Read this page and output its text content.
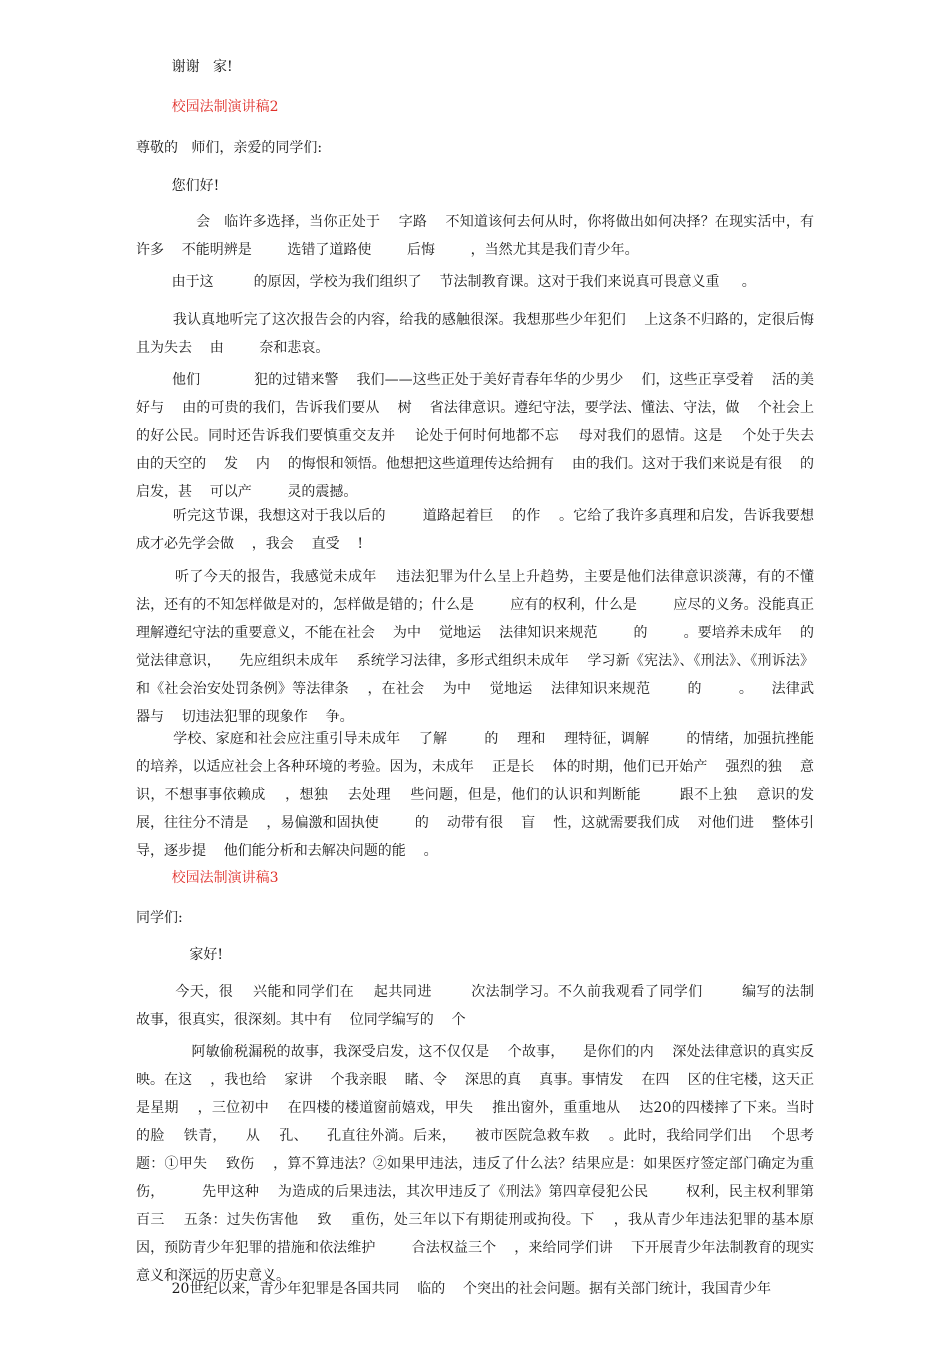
谢谢   家!

校园法制演讲稿2

尊敬的   师们，亲爱的同学们:

您们好!

会   临许多选择，当你正处于    字路    不知道该何去何从时，你将做出如何决择？在现实活中，有许多    不能明辨是        选错了道路使        后悔        ，当然尤其是我们青少年。

由于这         的原因，学校为我们组织了    节法制教育课。这对于我们来说真可畏意义重     。

我认真地听完了这次报告会的内容，给我的感触很深。我想那些少年犯们    上这条不归路的，定很后悔    且为失去    由        奈和悲哀。

他们            犯的过错来警    我们——这些正处于美好青春年华的少男少    们，这些正享受着    活的美好与    由的可贵的我们，告诉我们要从    树    省法律意识。遵纪守法，要学法、懂法、守法，做    个社会上的好公民。同时还告诉我们要慎重交友并    论处于何时何地都不忘    母对我们的恩情。这是    个处于失去    由的天空的    发    内    的悔恨和领悟。他想把这些道理传达给拥有    由的我们。这对于我们来说是有很    的启发，甚    可以产        灵的震撼。

听完这节课，我想这对于我以后的        道路起着巨    的作    。它给了我许多真理和启发，告诉我要想成才必先学会做    ，我会    直受    !

听了今天的报告，我感觉未成年    违法犯罪为什么呈上升趋势，主要是他们法律意识淡薄，有的不懂法，还有的不知怎样做是对的，怎样做是错的；什么是        应有的权利，什么是        应尽的义务。没能真正理解遵纪守法的重要意义，不能在社会    为中    觉地运    法律知识来规范        的        。要培养未成年    的    觉法律意识，    先应组织未成年    系统学习法律，多形式组织未成年    学习新《宪法》、《刑法》、《刑诉法》和《社会治安处罚条例》等法律条    ，在社会    为中    觉地运    法律知识来规范        的        。    法律武器与    切违法犯罪的现象作    争。

学校、家庭和社会应注重引导未成年    了解        的    理和    理特征，调解        的情绪，加强抗挫能    的培养，以适应社会上各种环境的考验。因为，未成年    正是长    体的时期，他们已开始产    强烈的独    意识，不想事事依赖成    ，想独    去处理    些问题，但是，他们的认识和判断能        跟不上独    意识的发展，往往分不清是    ，易偏激和固执使        的    动带有很    盲    性，这就需要我们成    对他们进    整体引导，逐步提    他们能分析和去解决问题的能    。

校园法制演讲稿3

同学们:

家好!

今天，很    兴能和同学们在    起共同进        次法制学习。不久前我观看了同学们        编写的法制    故事，很真实，很深刻。其中有    位同学编写的    个

阿敏偷税漏税的故事，我深受启发，这不仅仅是    个故事，    是你们的内    深处法律意识的真实反映。在这    ，我也给    家讲    个我亲眼    睹、令    深思的真    真事。事情发    在四    区的住宅楼，这天正是星期    ，三位初中    在四楼的楼道窗前嬉戏，甲失    推出窗外，重重地从    达20的四楼摔了下来。当时    的脸    铁青，    从    孔、    孔直往外淌。后来，    被市医院急救车救    。此时，我给同学们出    个思考题：①甲失    致伤    ，算不算违法？②如果甲违法，违反了什么法？结果应是：如果医疗签定部门确定为重伤，        先甲这种    为造成的后果违法，其次甲违反了《刑法》第四章侵犯公民        权利，民主权利罪第    百三    五条：过失伤害他    致    重伤，处三年以下有期徒刑或拘役。下    ，我从青少年违法犯罪的基本原因，预防青少年犯罪的措施和依法维护        合法权益三个    ，来给同学们讲    下开展青少年法制教育的现实意义和深远的历史意义。

20世纪以来，青少年犯罪是各国共同    临的    个突出的社会问题。据有关部门统计，我国青少年
